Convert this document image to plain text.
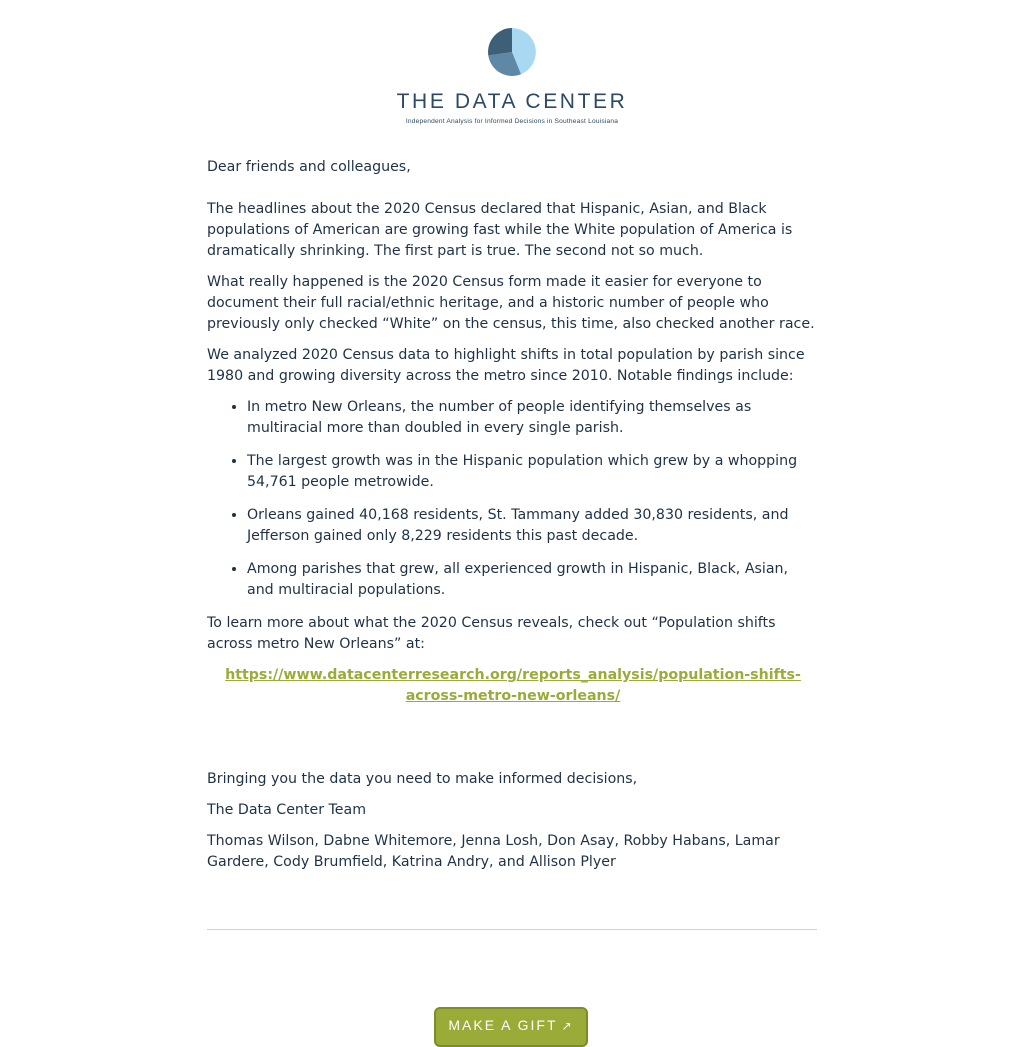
THE DATA CENTER
Independent Analysis for Informed Decisions in Southeast Louisiana

Dear friends and colleagues,

The headlines about the 2020 Census declared that Hispanic, Asian, and Black populations of American are growing fast while the White population of America is dramatically shrinking. The first part is true. The second not so much.

What really happened is the 2020 Census form made it easier for everyone to document their full racial/ethnic heritage, and a historic number of people who previously only checked “White” on the census, this time, also checked another race.

We analyzed 2020 Census data to highlight shifts in total population by parish since 1980 and growing diversity across the metro since 2010. Notable findings include:

• In metro New Orleans, the number of people identifying themselves as multiracial more than doubled in every single parish.
• The largest growth was in the Hispanic population which grew by a whopping 54,761 people metrowide.
• Orleans gained 40,168 residents, St. Tammany added 30,830 residents, and Jefferson gained only 8,229 residents this past decade.
• Among parishes that grew, all experienced growth in Hispanic, Black, Asian, and multiracial populations.

To learn more about what the 2020 Census reveals, check out “Population shifts across metro New Orleans” at:

https://www.datacenterresearch.org/reports_analysis/population-shifts-across-metro-new-orleans/

Bringing you the data you need to make informed decisions,

The Data Center Team

Thomas Wilson, Dabne Whitemore, Jenna Losh, Don Asay, Robby Habans, Lamar Gardere, Cody Brumfield, Katrina Andry, and Allison Plyer

MAKE A GIFT ↗
